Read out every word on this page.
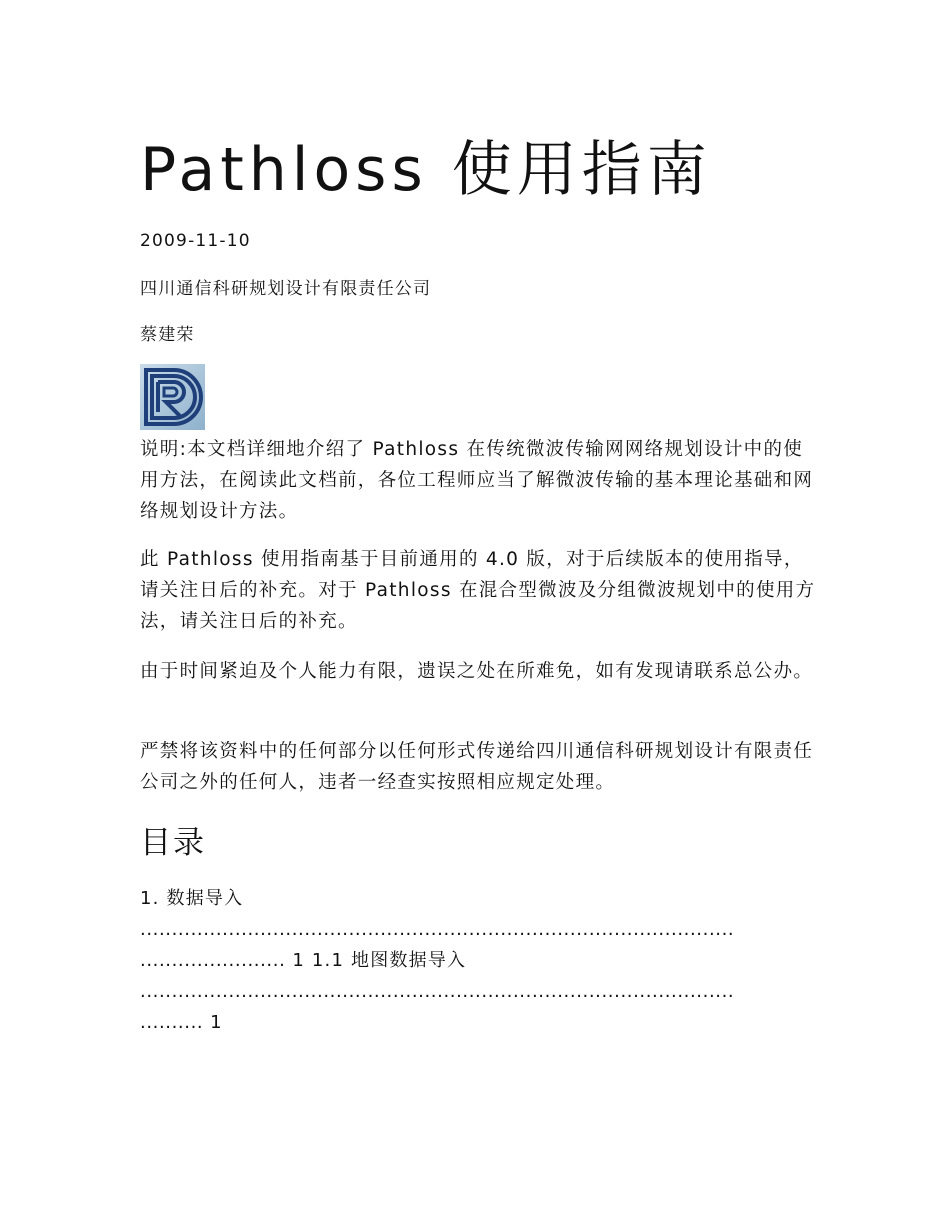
Pathloss 使用指南

2009-11-10

四川通信科研规划设计有限责任公司

蔡建荣

说明:本文档详细地介绍了 Pathloss 在传统微波传输网网络规划设计中的使用方法，在阅读此文档前，各位工程师应当了解微波传输的基本理论基础和网络规划设计方法。

此 Pathloss 使用指南基于目前通用的 4.0 版，对于后续版本的使用指导，请关注日后的补充。对于 Pathloss 在混合型微波及分组微波规划中的使用方法，请关注日后的补充。

由于时间紧迫及个人能力有限，遗误之处在所难免，如有发现请联系总公办。

严禁将该资料中的任何部分以任何形式传递给四川通信科研规划设计有限责任公司之外的任何人，违者一经查实按照相应规定处理。

目录

1. 数据导入

..............................................................................................

....................... 1 1.1 地图数据导入

..............................................................................................

.......... 1
